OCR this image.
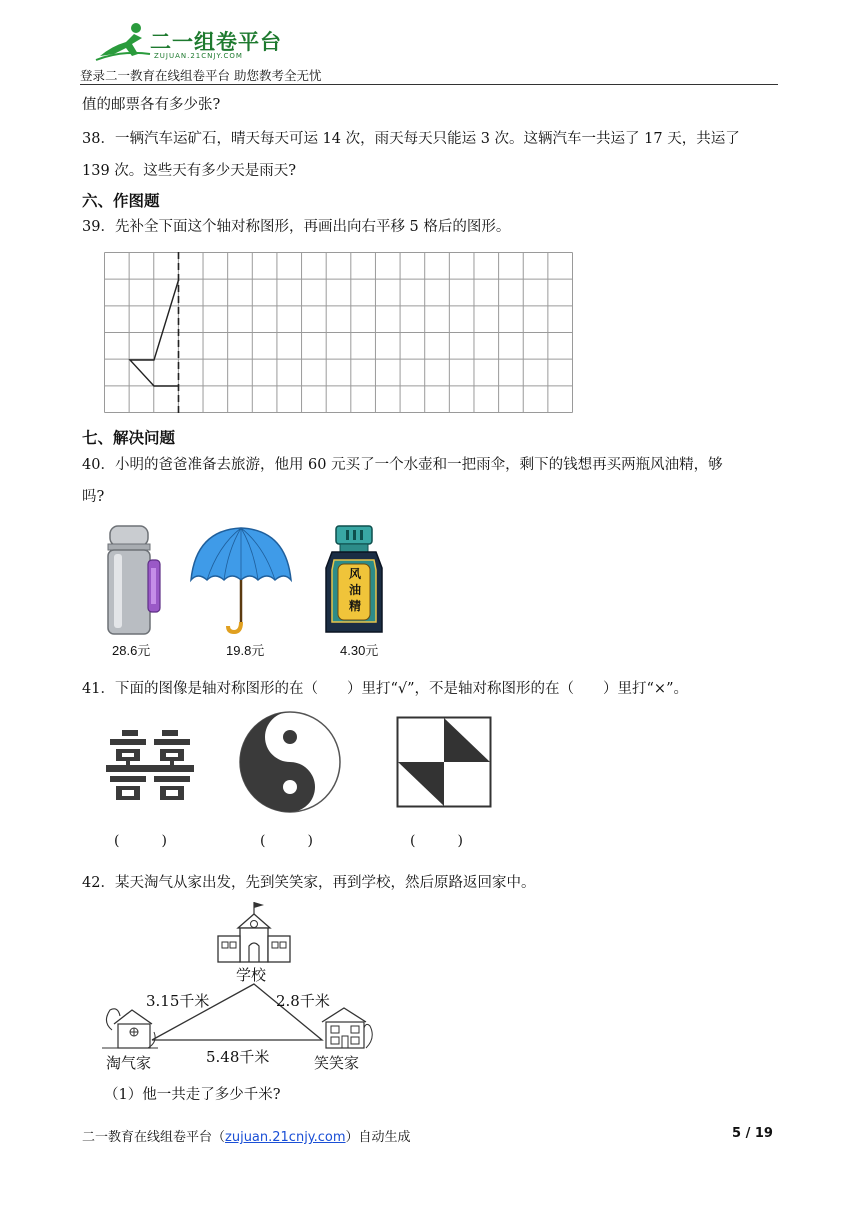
二一组卷平台
ZUJUAN.21CNJY.COM
登录二一教育在线组卷平台 助您教考全无忧
值的邮票各有多少张?
38．一辆汽车运矿石，晴天每天可运 14 次，雨天每天只能运 3 次。这辆汽车一共运了 17 天，共运了
139 次。这些天有多少天是雨天?
六、作图题
39．先补全下面这个轴对称图形，再画出向右平移 5 格后的图形。
七、解决问题
40．小明的爸爸准备去旅游，他用 60 元买了一个水壶和一把雨伞，剩下的钱想再买两瓶风油精，够
吗?
28.6元	19.8元
风油精
4.30元
41．下面的图像是轴对称图形的在（　　）里打“√”，不是轴对称图形的在（　　）里打“×”。
(　　　)	(　　　)	(　　　)
42．某天淘气从家出发，先到笑笑家，再到学校，然后原路返回家中。
学校
3.15千米	2.8千米
5.48千米
淘气家	笑笑家
（1）他一共走了多少千米?
二一教育在线组卷平台（zujuan.21cnjy.com）自动生成	5 / 19
